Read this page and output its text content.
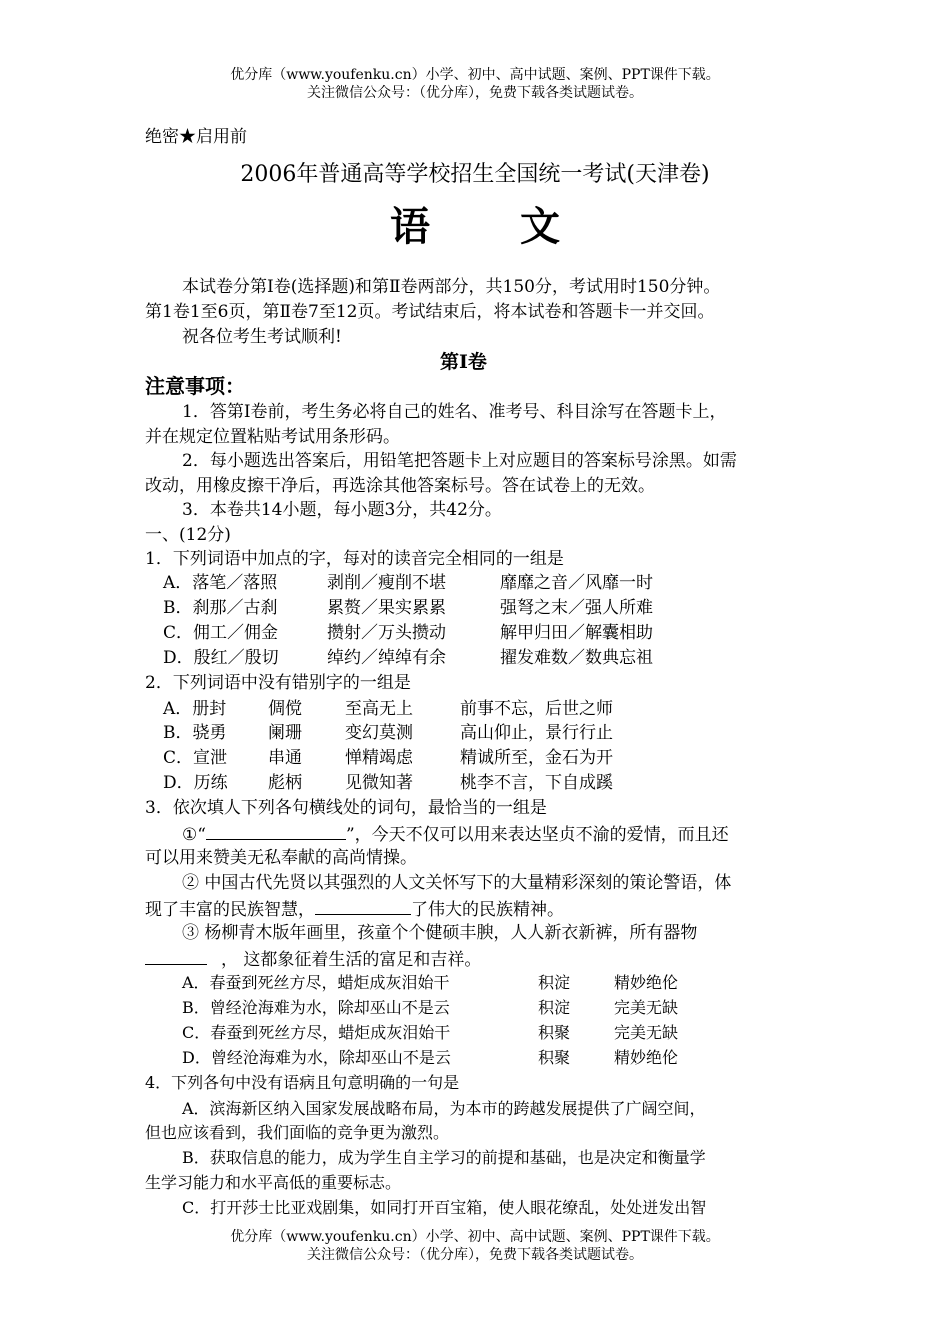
优分库（www.youfenku.cn）小学、初中、高中试题、案例、PPT课件下载。
关注微信公众号：（优分库），免费下载各类试题试卷。
绝密★启用前
2006年普通高等学校招生全国统一考试(天津卷)
语文
本试卷分第Ⅰ卷(选择题)和第Ⅱ卷两部分，共150分，考试用时150分钟。
第1卷1至6页，第Ⅱ卷7至12页。考试结束后，将本试卷和答题卡一并交回。
祝各位考生考试顺利!
第Ⅰ卷
注意事项：
1．答第Ⅰ卷前，考生务必将自己的姓名、准考号、科目涂写在答题卡上，
并在规定位置粘贴考试用条形码。
2．每小题选出答案后，用铅笔把答题卡上对应题目的答案标号涂黑。如需
改动，用橡皮擦干净后，再选涂其他答案标号。答在试卷上的无效。
3．本卷共14小题，每小题3分，共42分。
一、(12分)
1．下列词语中加点的字，每对的读音完全相同的一组是
A．落笔／落照	剥削／瘦削不堪	靡靡之音／风靡一时
B．刹那／古刹	累赘／果实累累	强弩之末／强人所难
C．佣工／佣金	攒射／万头攒动	解甲归田／解囊相助
D．殷红／殷切	绰约／绰绰有余	擢发难数／数典忘祖
2．下列词语中没有错别字的一组是
A．册封 倜傥	至高无上	前事不忘，后世之师
B．骁勇 阑珊	变幻莫测	高山仰止，景行行止
C．宣泄 串通	惮精竭虑	精诚所至，金石为开
D．历练 彪柄	见微知著	桃李不言，下自成蹊
3．依次填人下列各句横线处的词句，最恰当的一组是
①“	”，今天不仅可以用来表达坚贞不渝的爱情，而且还
可以用来赞美无私奉献的高尚情操。
② 中国古代先贤以其强烈的人文关怀写下的大量精彩深刻的策论警语，体
现了丰富的民族智慧，	了伟大的民族精神。
③ 杨柳青木版年画里，孩童个个健硕丰腴，人人新衣新裤，所有器物
， 这都象征着生活的富足和吉祥。
A．春蚕到死丝方尽，蜡炬成灰泪始干	积淀	精妙绝伦
B．曾经沧海难为水，除却巫山不是云	积淀	完美无缺
C．春蚕到死丝方尽，蜡炬成灰泪始干	积聚	完美无缺
D．曾经沧海难为水，除却巫山不是云	积聚	精妙绝伦
4．下列各句中没有语病且句意明确的一句是
A．滨海新区纳入国家发展战略布局，为本市的跨越发展提供了广阔空间，
但也应该看到，我们面临的竞争更为激烈。
B．获取信息的能力，成为学生自主学习的前提和基础，也是决定和衡量学
生学习能力和水平高低的重要标志。
C．打开莎士比亚戏剧集，如同打开百宝箱，使人眼花缭乱，处处迸发出智
优分库（www.youfenku.cn）小学、初中、高中试题、案例、PPT课件下载。
关注微信公众号：（优分库），免费下载各类试题试卷。
